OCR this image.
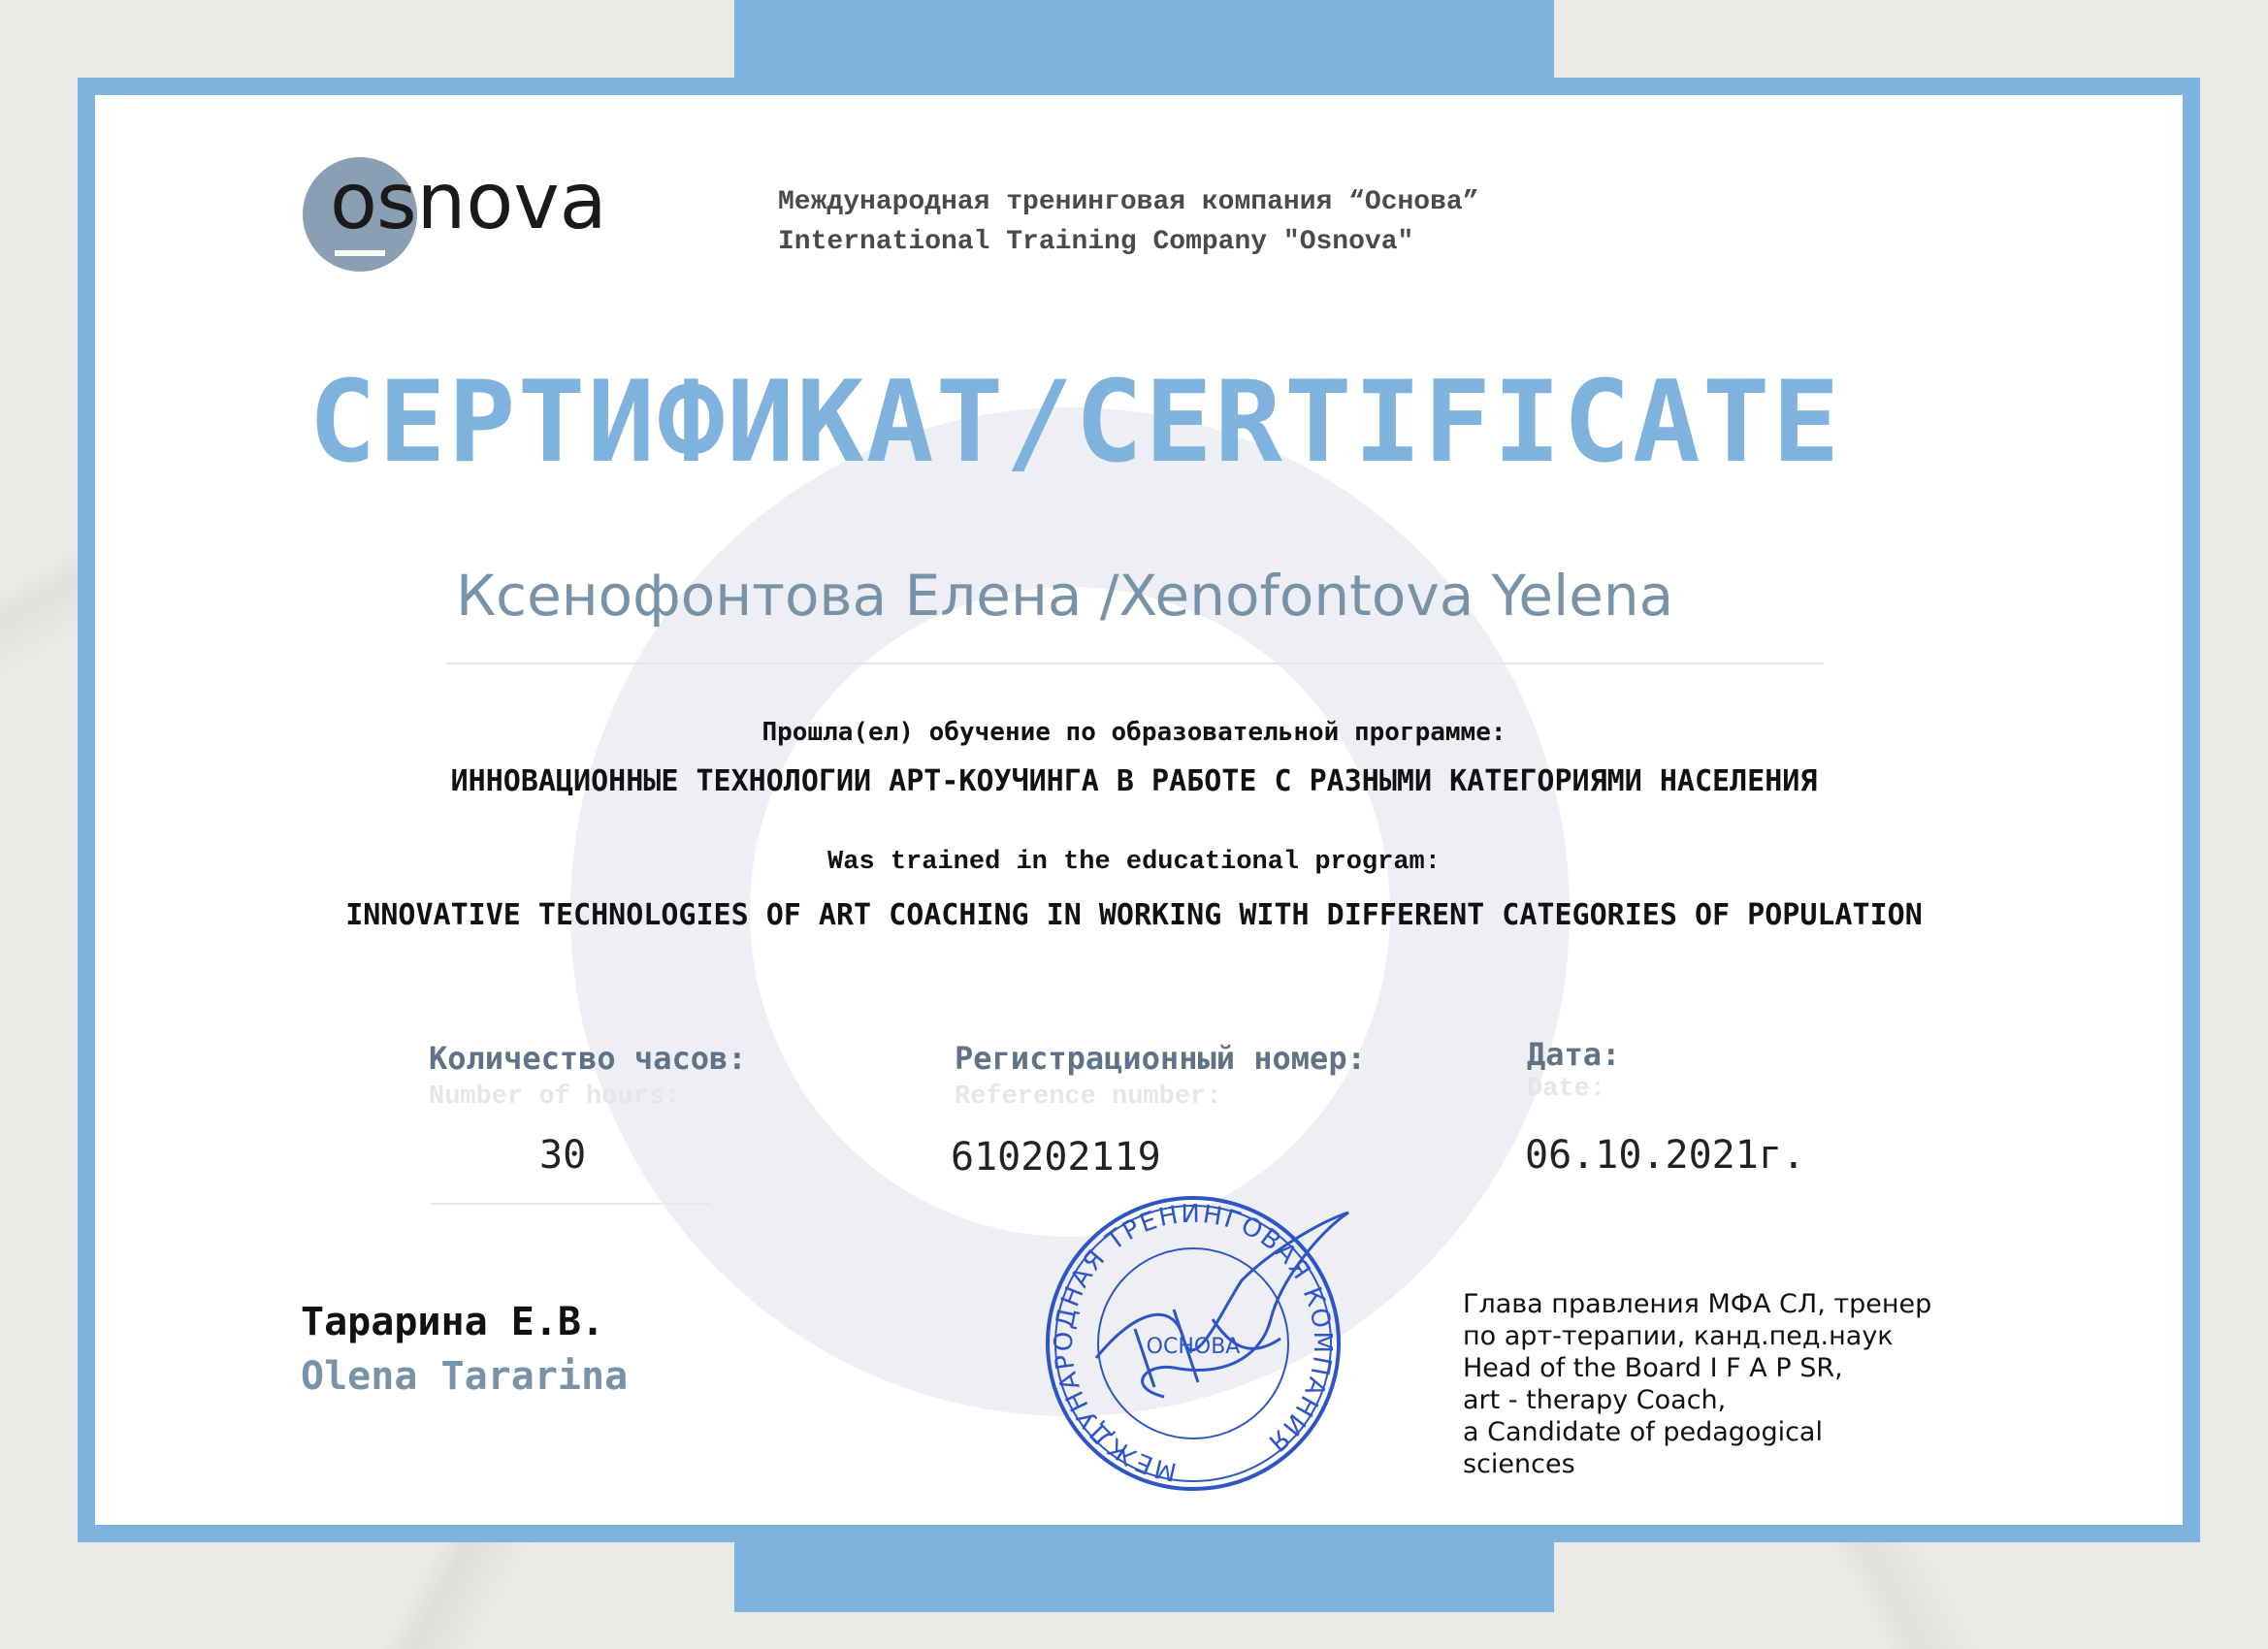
o snova	Международная тренинговая компания “Основа”
International Training Company "Osnova"
СЕРТИФИКАТ/CERTIFICATE
Ксенофонтова Елена /Xenofontova Yelena
Прошла(ел) обучение по образовательной программе:
ИННОВАЦИОННЫЕ ТЕХНОЛОГИИ АРТ-КОУЧИНГА В РАБОТЕ С РАЗНЫМИ КАТЕГОРИЯМИ НАСЕЛЕНИЯ
Was trained in the educational program:
INNOVATIVE TECHNOLOGIES OF ART COACHING IN WORKING WITH DIFFERENT CATEGORIES OF POPULATION
Количество часов:
Number of hours:
30
Регистрационный номер:
Reference number:
610202119
Дата:
Date:
06.10.2021г.
Тарарина Е.В.
Olena Tararina
Глава правления МФА СЛ, тренер
по арт-терапии, канд.пед.наук
Head of the Board I F A P SR,
art - therapy Coach,
a Candidate of pedagogical
sciences
МЕЖДУНАРОДНАЯ ТРЕНИНГОВАЯ КОМПАНИЯ
ОСНОВА
